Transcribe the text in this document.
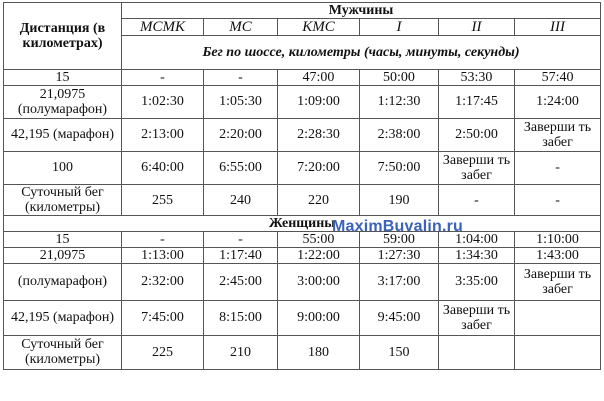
Дистанция (в километрах)	Мужчины					
	МСМК	МС	КМС	I	II	III
	Бег по шоссе, километры (часы, минуты, секунды)					
15	-	-	47:00	50:00	53:30	57:40
21,0975 (полумарафон)	1:02:30	1:05:30	1:09:00	1:12:30	1:17:45	1:24:00
42,195 (марафон)	2:13:00	2:20:00	2:28:30	2:38:00	2:50:00	Заверши ть забег
100	6:40:00	6:55:00	7:20:00	7:50:00	Заверши ть забег	-
Суточный бег (километры)	255	240	220	190	-	-
Женщины						
15	-	-	55:00	59:00	1:04:00	1:10:00
21,0975	1:13:00	1:17:40	1:22:00	1:27:30	1:34:30	1:43:00
(полумарафон)	2:32:00	2:45:00	3:00:00	3:17:00	3:35:00	Заверши ть забег
42,195 (марафон)	7:45:00	8:15:00	9:00:00	9:45:00	Заверши ть забег	
Суточный бег (километры)	225	210	180	150		
MaximBuvalin.ru
